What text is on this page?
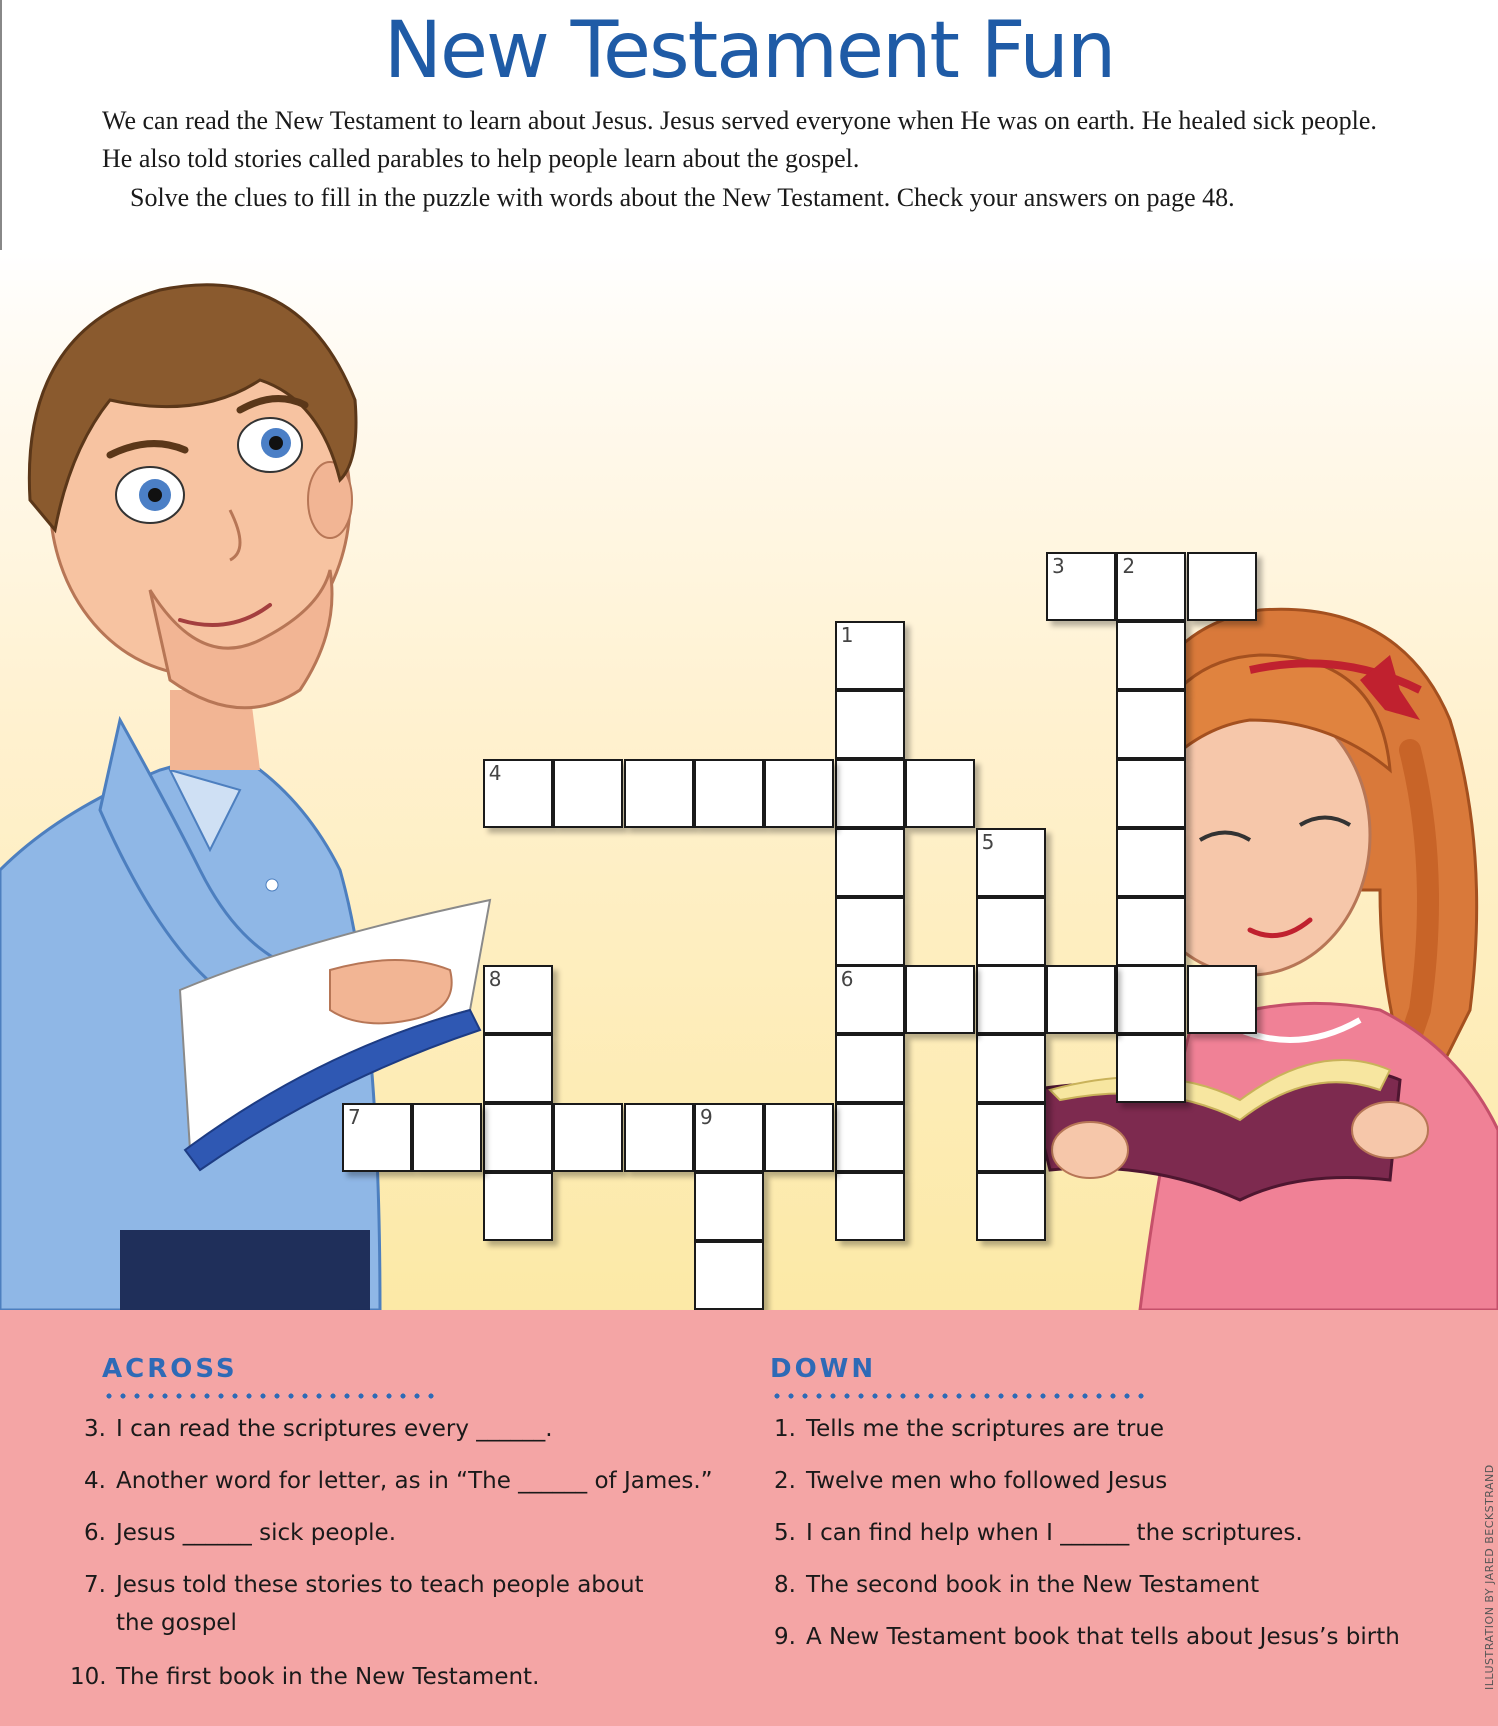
New Testament Fun
We can read the New Testament to learn about Jesus. Jesus served everyone when He was on earth. He healed sick people. He also told stories called parables to help people learn about the gospel.
Solve the clues to fill in the puzzle with words about the New Testament. Check your answers on page 48.
3	2
1
4
5
6
8
7	9
ACROSS	DOWN
3. I can read the scriptures every ______.
4. Another word for letter, as in “The ______ of James.”
6. Jesus ______ sick people.
7. Jesus told these stories to teach people about the gospel
10. The first book in the New Testament.
1. Tells me the scriptures are true
2. Twelve men who followed Jesus
5. I can find help when I ______ the scriptures.
8. The second book in the New Testament
9. A New Testament book that tells about Jesus’s birth	ILLUSTRATION BY JARED BECKSTRAND
